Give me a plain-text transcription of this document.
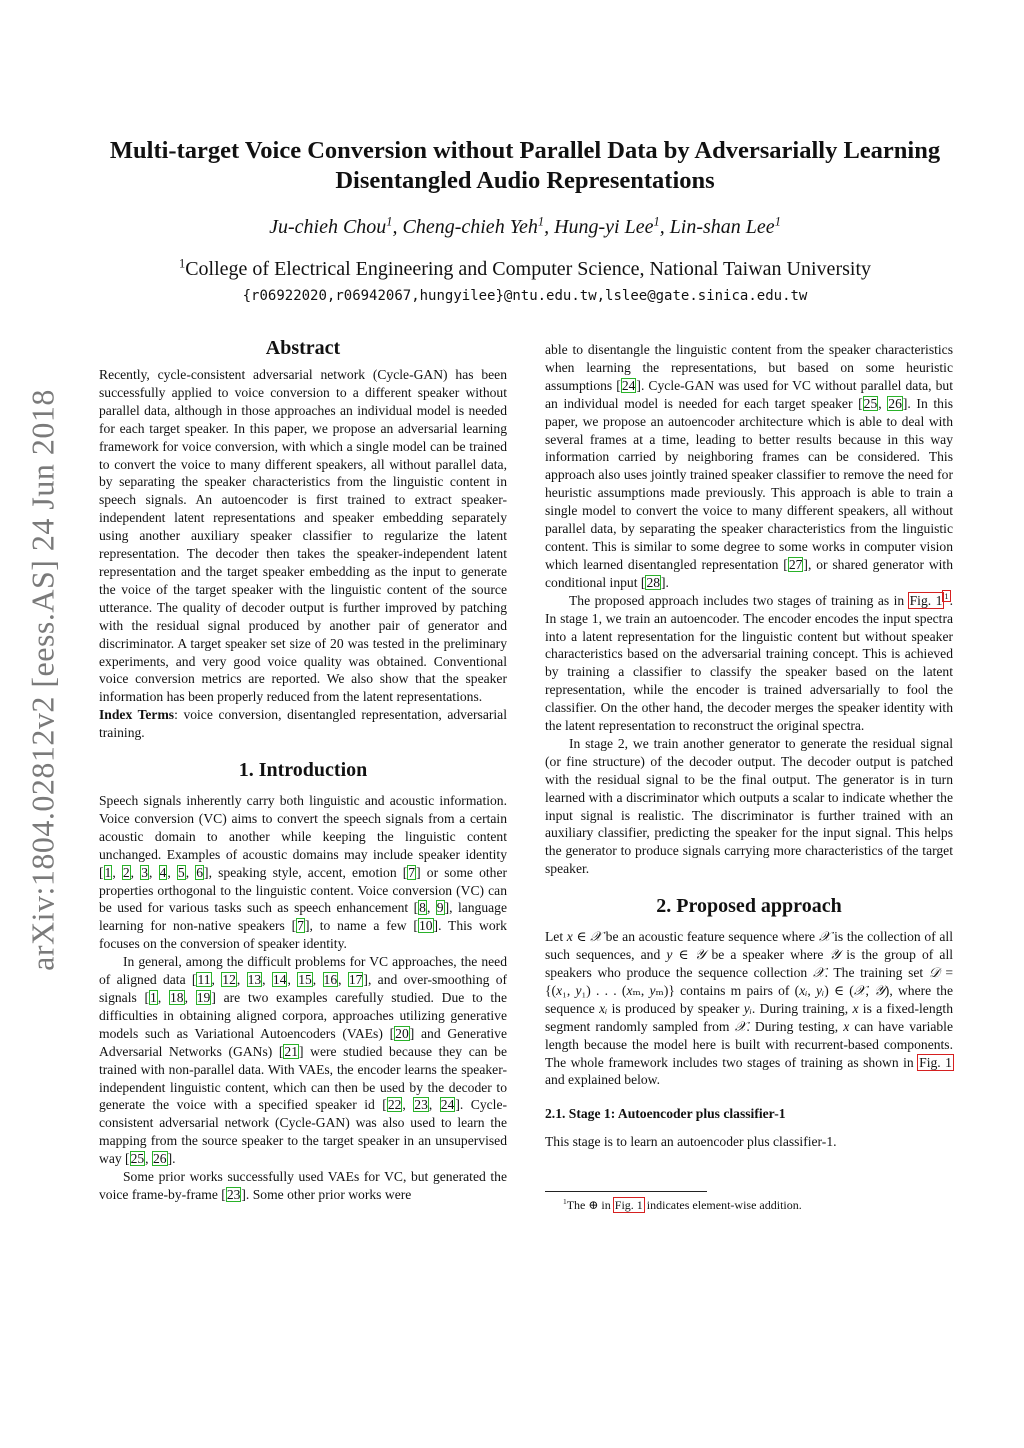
arXiv:1804.02812v2 [eess.AS] 24 Jun 2018
Multi-target Voice Conversion without Parallel Data by Adversarially Learning
Disentangled Audio Representations
Ju-chieh Chou$^1$, Cheng-chieh Yeh$^1$, Hung-yi Lee$^1$, Lin-shan Lee$^1$
$^1$College of Electrical Engineering and Computer Science, National Taiwan University
{r06922020,r06942067,hungyilee}@ntu.edu.tw,lslee@gate.sinica.edu.tw
Abstract

Recently, cycle-consistent adversarial network (Cycle-GAN) has been successfully applied to voice conversion to a different speaker without parallel data, although in those approaches an individual model is needed for each target speaker. In this paper, we propose an adversarial learning framework for voice conversion, with which a single model can be trained to convert the voice to many different speakers, all without parallel data, by separating the speaker characteristics from the linguistic content in speech signals. An autoencoder is first trained to extract speaker-independent latent representations and speaker embedding separately using another auxiliary speaker classifier to regularize the latent representation. The decoder then takes the speaker-independent latent representation and the target speaker embedding as the input to generate the voice of the target speaker with the linguistic content of the source utterance. The quality of decoder output is further improved by patching with the residual signal produced by another pair of generator and discriminator. A target speaker set size of 20 was tested in the preliminary experiments, and very good voice quality was obtained. Conventional voice conversion metrics are reported. We also show that the speaker information has been properly reduced from the latent representations.

Index Terms: voice conversion, disentangled representation, adversarial training.

1. Introduction

Speech signals inherently carry both linguistic and acoustic information. Voice conversion (VC) aims to convert the speech signals from a certain acoustic domain to another while keeping the linguistic content unchanged. Examples of acoustic domains may include speaker identity [1, 2, 3, 4, 5, 6], speaking style, accent, emotion [7] or some other properties orthogonal to the linguistic content. Voice conversion (VC) can be used for various tasks such as speech enhancement [8, 9], language learning for non-native speakers [7], to name a few [10]. This work focuses on the conversion of speaker identity.

In general, among the difficult problems for VC approaches, the need of aligned data [11, 12, 13, 14, 15, 16, 17], and over-smoothing of signals [1, 18, 19] are two examples carefully studied. Due to the difficulties in obtaining aligned corpora, approaches utilizing generative models such as Variational Autoencoders (VAEs) [20] and Generative Adversarial Networks (GANs) [21] were studied because they can be trained with non-parallel data. With VAEs, the encoder learns the speaker-independent linguistic content, which can then be used by the decoder to generate the voice with a specified speaker id [22, 23, 24]. Cycle-consistent adversarial network (Cycle-GAN) was also used to learn the mapping from the source speaker to the target speaker in an unsupervised way [25, 26].

Some prior works successfully used VAEs for VC, but generated the voice frame-by-frame [23]. Some other prior works were

able to disentangle the linguistic content from the speaker characteristics when learning the representations, but based on some heuristic assumptions [24]. Cycle-GAN was used for VC without parallel data, but an individual model is needed for each target speaker [25, 26]. In this paper, we propose an autoencoder architecture which is able to deal with several frames at a time, leading to better results because in this way information carried by neighboring frames can be considered. This approach also uses jointly trained speaker classifier to remove the need for heuristic assumptions made previously. This approach is able to train a single model to convert the voice to many different speakers, all without parallel data, by separating the speaker characteristics from the linguistic content. This is similar to some degree to some works in computer vision which learned disentangled representation [27], or shared generator with conditional input [28].

The proposed approach includes two stages of training as in Fig. 1 $^1$. In stage 1, we train an autoencoder. The encoder encodes the input spectra into a latent representation for the linguistic content but without speaker characteristics based on the adversarial training concept. This is achieved by training a classifier to classify the speaker based on the latent representation, while the encoder is trained adversarially to fool the classifier. On the other hand, the decoder merges the speaker identity with the latent representation to reconstruct the original spectra.

In stage 2, we train another generator to generate the residual signal (or fine structure) of the decoder output. The decoder output is patched with the residual signal to be the final output. The generator is in turn learned with a discriminator which outputs a scalar to indicate whether the input signal is realistic. The discriminator is further trained with an auxiliary classifier, predicting the speaker for the input signal. This helps the generator to produce signals carrying more characteristics of the target speaker.

2. Proposed approach

Let x ∈ 𝒳 be an acoustic feature sequence where 𝒳 is the collection of all such sequences, and y ∈ 𝒴 be a speaker where 𝒴 is the group of all speakers who produce the sequence collection 𝒳. The training set 𝒟 = {(x₁, y₁) . . . (xₘ, yₘ)} contains m pairs of (xᵢ, yᵢ) ∈ (𝒳, 𝒴), where the sequence xᵢ is produced by speaker yᵢ. During training, x is a fixed-length segment randomly sampled from 𝒳. During testing, x can have variable length because the model here is built with recurrent-based components. The whole framework includes two stages of training as shown in Fig. 1 and explained below.

2.1. Stage 1: Autoencoder plus classifier-1

This stage is to learn an autoencoder plus classifier-1.

$^1$The ⊕ in Fig. 1 indicates element-wise addition.
